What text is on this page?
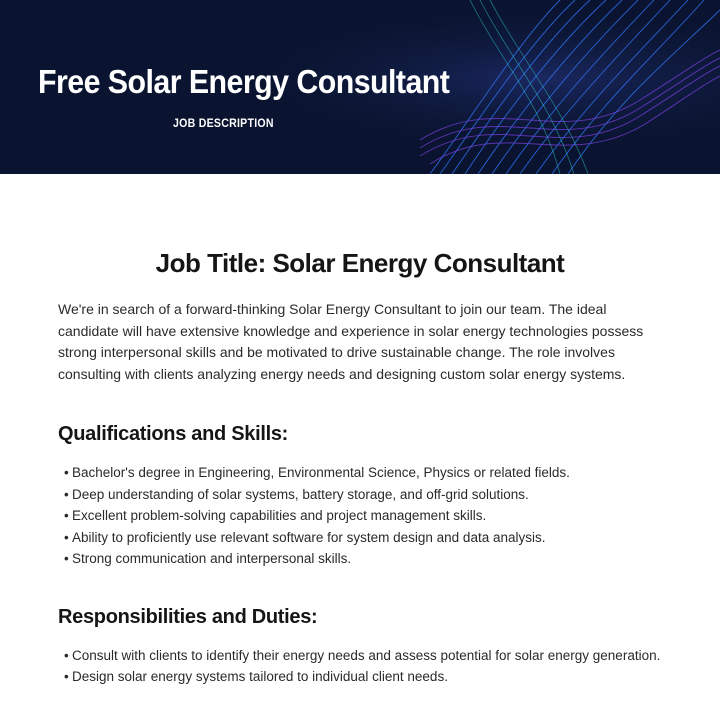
Free Solar Energy Consultant
JOB DESCRIPTION
Job Title: Solar Energy Consultant

We're in search of a forward-thinking Solar Energy Consultant to join our team. The ideal candidate will have extensive knowledge and experience in solar energy technologies possess strong interpersonal skills and be motivated to drive sustainable change. The role involves consulting with clients analyzing energy needs and designing custom solar energy systems.

Qualifications and Skills:
• Bachelor's degree in Engineering, Environmental Science, Physics or related fields.
• Deep understanding of solar systems, battery storage, and off-grid solutions.
• Excellent problem-solving capabilities and project management skills.
• Ability to proficiently use relevant software for system design and data analysis.
• Strong communication and interpersonal skills.
Responsibilities and Duties:
• Consult with clients to identify their energy needs and assess potential for solar energy generation.
• Design solar energy systems tailored to individual client needs.
